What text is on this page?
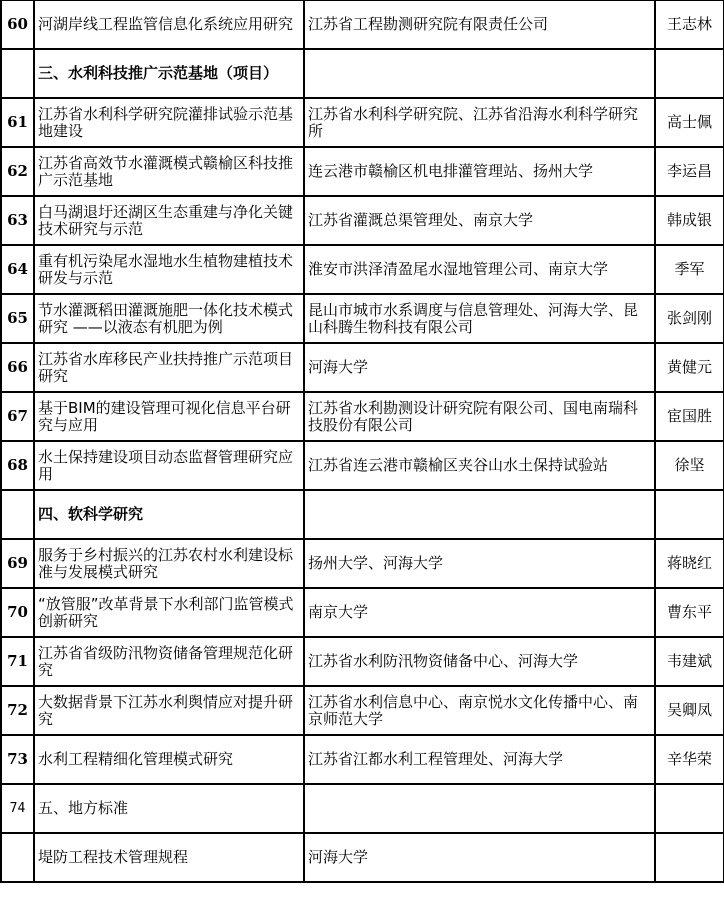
60	河湖岸线工程监管信息化系统应用研究	江苏省工程勘测研究院有限责任公司	王志林
	三、水利科技推广示范基地（项目）		
61	江苏省水利科学研究院灌排试验示范基地建设	江苏省水利科学研究院、江苏省沿海水利科学研究所	高士佩
62	江苏省高效节水灌溉模式赣榆区科技推广示范基地	连云港市赣榆区机电排灌管理站、扬州大学	李运昌
63	白马湖退圩还湖区生态重建与净化关键技术研究与示范	江苏省灌溉总渠管理处、南京大学	韩成银
64	重有机污染尾水湿地水生植物建植技术研发与示范	淮安市洪泽清盈尾水湿地管理公司、南京大学	季军
65	节水灌溉稻田灌溉施肥一体化技术模式研究 ——以液态有机肥为例	昆山市城市水系调度与信息管理处、河海大学、昆山科腾生物科技有限公司	张剑刚
66	江苏省水库移民产业扶持推广示范项目研究	河海大学	黄健元
67	基于BIM的建设管理可视化信息平台研究与应用	江苏省水利勘测设计研究院有限公司、国电南瑞科技股份有限公司	宦国胜
68	水土保持建设项目动态监督管理研究应用	江苏省连云港市赣榆区夹谷山水土保持试验站	徐坚
	四、软科学研究		
69	服务于乡村振兴的江苏农村水利建设标准与发展模式研究	扬州大学、河海大学	蒋晓红
70	“放管服”改革背景下水利部门监管模式创新研究	南京大学	曹东平
71	江苏省省级防汛物资储备管理规范化研究	江苏省水利防汛物资储备中心、河海大学	韦建斌
72	大数据背景下江苏水利舆情应对提升研究	江苏省水利信息中心、南京悦水文化传播中心、南京师范大学	吴卿凤
73	水利工程精细化管理模式研究	江苏省江都水利工程管理处、河海大学	辛华荣
74	五、地方标准		
	堤防工程技术管理规程	河海大学	
